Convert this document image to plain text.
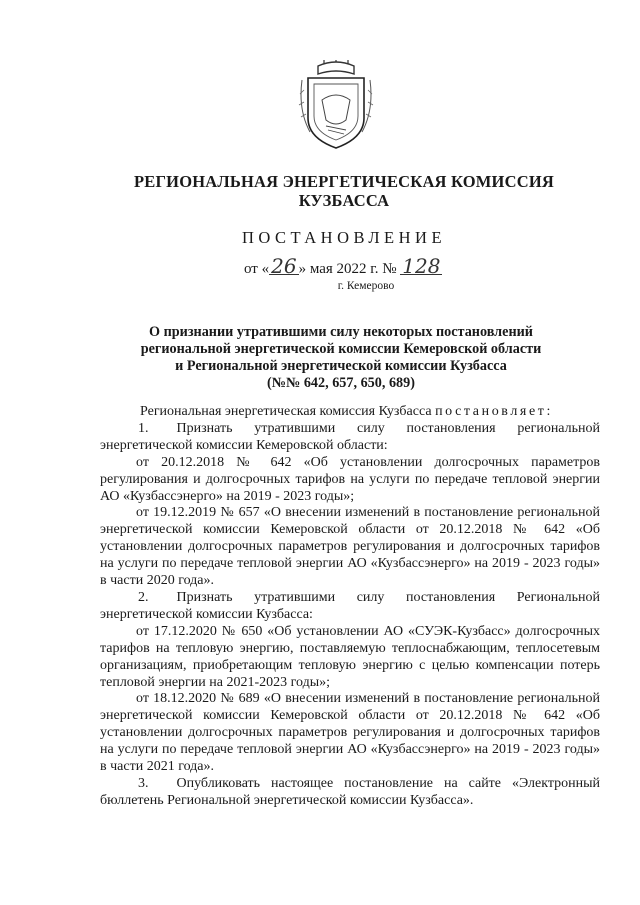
РЕГИОНАЛЬНАЯ ЭНЕРГЕТИЧЕСКАЯ КОМИССИЯ
КУЗБАССА
ПОСТАНОВЛЕНИЕ
от « 26 » мая 2022 г. № 128
г. Кемерово
О признании утратившими силу некоторых постановлений
региональной энергетической комиссии Кемеровской области
и Региональной энергетической комиссии Кузбасса
(№№ 642, 657, 650, 689)

Региональная энергетическая комиссия Кузбасса постановляет:

1.  Признать утратившими силу постановления региональной энергетической комиссии Кемеровской области:

от 20.12.2018 № 642 «Об установлении долгосрочных параметров регулирования и долгосрочных тарифов на услуги по передаче тепловой энергии АО «Кузбассэнерго» на 2019 - 2023 годы»;

от 19.12.2019 № 657 «О внесении изменений в постановление региональной энергетической комиссии Кемеровской области от 20.12.2018 № 642 «Об установлении долгосрочных параметров регулирования и долгосрочных тарифов на услуги по передаче тепловой энергии АО «Кузбассэнерго» на 2019 - 2023 годы» в части 2020 года».

2.  Признать утратившими силу постановления Региональной энергетической комиссии Кузбасса:

от 17.12.2020 № 650 «Об установлении АО «СУЭК-Кузбасс» долгосрочных тарифов на тепловую энергию, поставляемую теплоснабжающим, теплосетевым организациям, приобретающим тепловую энергию с целью компенсации потерь тепловой энергии на 2021-2023 годы»;

от 18.12.2020 № 689 «О внесении изменений в постановление региональной энергетической комиссии Кемеровской области от 20.12.2018 № 642 «Об установлении долгосрочных параметров регулирования и долгосрочных тарифов на услуги по передаче тепловой энергии АО «Кузбассэнерго» на 2019 - 2023 годы» в части 2021 года».

3.  Опубликовать настоящее постановление на сайте «Электронный бюллетень Региональной энергетической комиссии Кузбасса».
